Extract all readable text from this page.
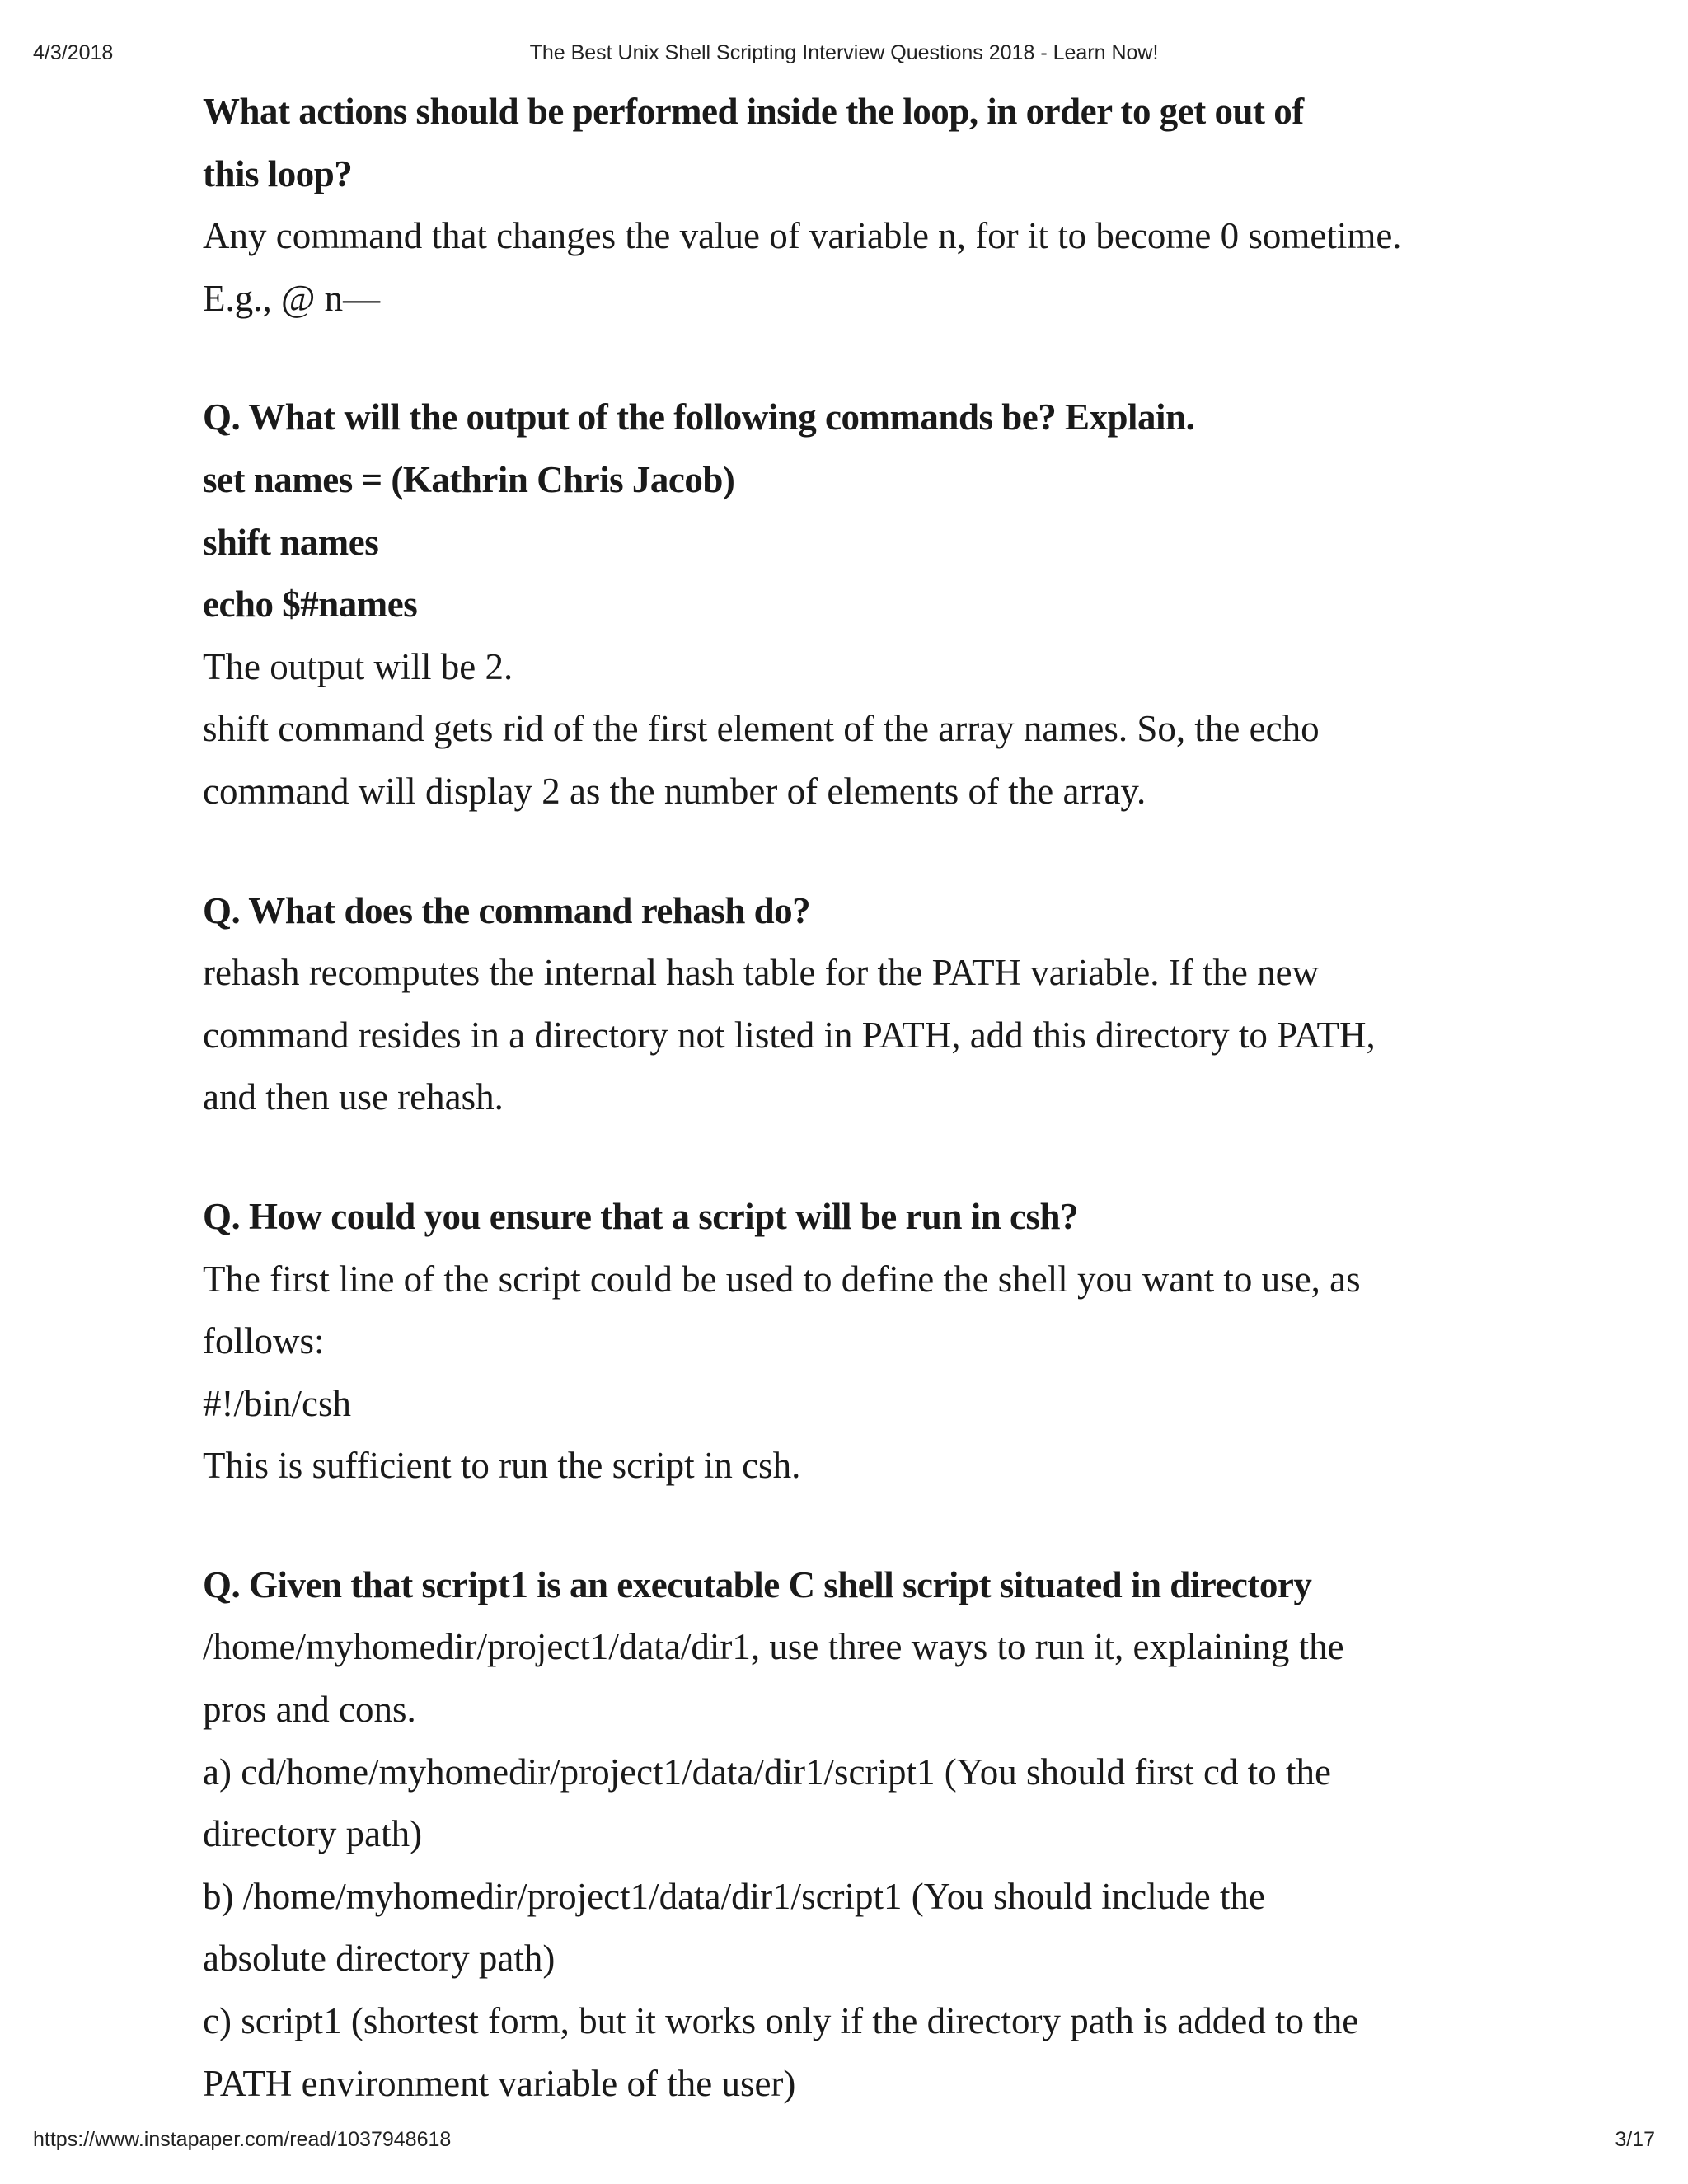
4/3/2018	The Best Unix Shell Scripting Interview Questions 2018 - Learn Now!

What actions should be performed inside the loop, in order to get out of

this loop?

Any command that changes the value of variable n, for it to become 0 sometime.

E.g., @ n—

Q. What will the output of the following commands be? Explain.

set names = (Kathrin Chris Jacob)

shift names

echo $#names

The output will be 2.

shift command gets rid of the first element of the array names. So, the echo

command will display 2 as the number of elements of the array.

Q. What does the command rehash do?

rehash recomputes the internal hash table for the PATH variable. If the new

command resides in a directory not listed in PATH, add this directory to PATH,

and then use rehash.

Q. How could you ensure that a script will be run in csh?

The first line of the script could be used to define the shell you want to use, as

follows:

#!/bin/csh

This is sufficient to run the script in csh.

Q. Given that script1 is an executable C shell script situated in directory

/home/myhomedir/project1/data/dir1, use three ways to run it, explaining the

pros and cons.

a) cd/home/myhomedir/project1/data/dir1/script1 (You should first cd to the

directory path)

b) /home/myhomedir/project1/data/dir1/script1 (You should include the

absolute directory path)

c) script1 (shortest form, but it works only if the directory path is added to the

PATH environment variable of the user)

https://www.instapaper.com/read/1037948618	3/17
